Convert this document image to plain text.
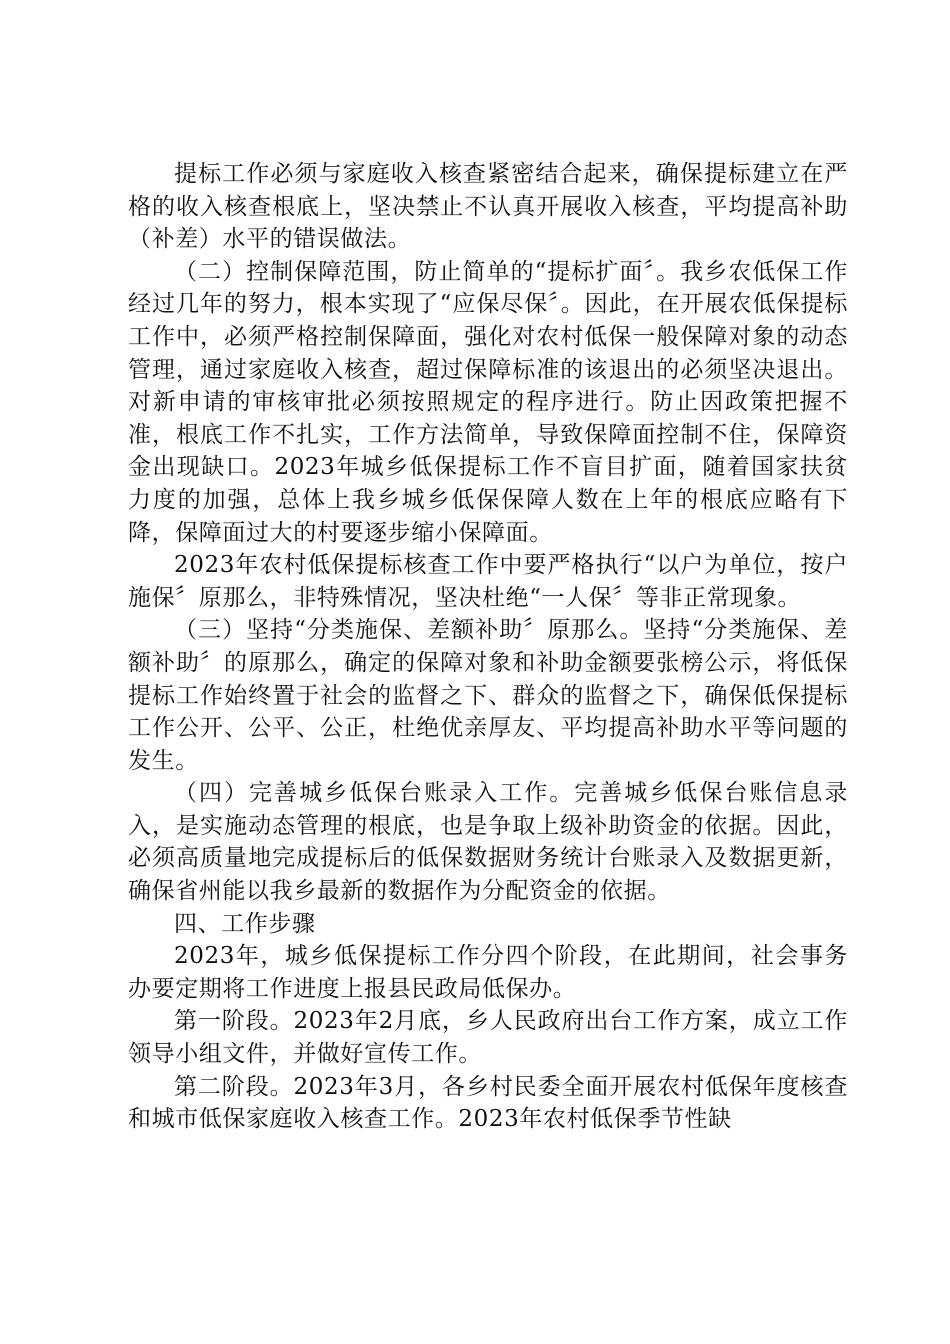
提标工作必须与家庭收入核查紧密结合起来，确保提标建立在严格的收入核查根底上，坚决禁止不认真开展收入核查，平均提高补助（补差）水平的错误做法。

（二）控制保障范围，防止简单的“提标扩面〞。我乡农低保工作经过几年的努力，根本实现了“应保尽保〞。因此，在开展农低保提标工作中，必须严格控制保障面，强化对农村低保一般保障对象的动态管理，通过家庭收入核查，超过保障标准的该退出的必须坚决退出。对新申请的审核审批必须按照规定的程序进行。防止因政策把握不准，根底工作不扎实，工作方法简单，导致保障面控制不住，保障资金出现缺口。2023年城乡低保提标工作不盲目扩面，随着国家扶贫力度的加强，总体上我乡城乡低保保障人数在上年的根底应略有下降，保障面过大的村要逐步缩小保障面。

2023年农村低保提标核查工作中要严格执行“以户为单位，按户施保〞原那么，非特殊情况，坚决杜绝“一人保〞等非正常现象。

（三）坚持“分类施保、差额补助〞原那么。坚持“分类施保、差额补助〞的原那么，确定的保障对象和补助金额要张榜公示，将低保提标工作始终置于社会的监督之下、群众的监督之下，确保低保提标工作公开、公平、公正，杜绝优亲厚友、平均提高补助水平等问题的发生。

（四）完善城乡低保台账录入工作。完善城乡低保台账信息录入，是实施动态管理的根底，也是争取上级补助资金的依据。因此，必须高质量地完成提标后的低保数据财务统计台账录入及数据更新，确保省州能以我乡最新的数据作为分配资金的依据。

四、工作步骤

2023年，城乡低保提标工作分四个阶段，在此期间，社会事务办要定期将工作进度上报县民政局低保办。

第一阶段。2023年2月底，乡人民政府出台工作方案，成立工作领导小组文件，并做好宣传工作。

第二阶段。2023年3月，各乡村民委全面开展农村低保年度核查和城市低保家庭收入核查工作。2023年农村低保季节性缺
